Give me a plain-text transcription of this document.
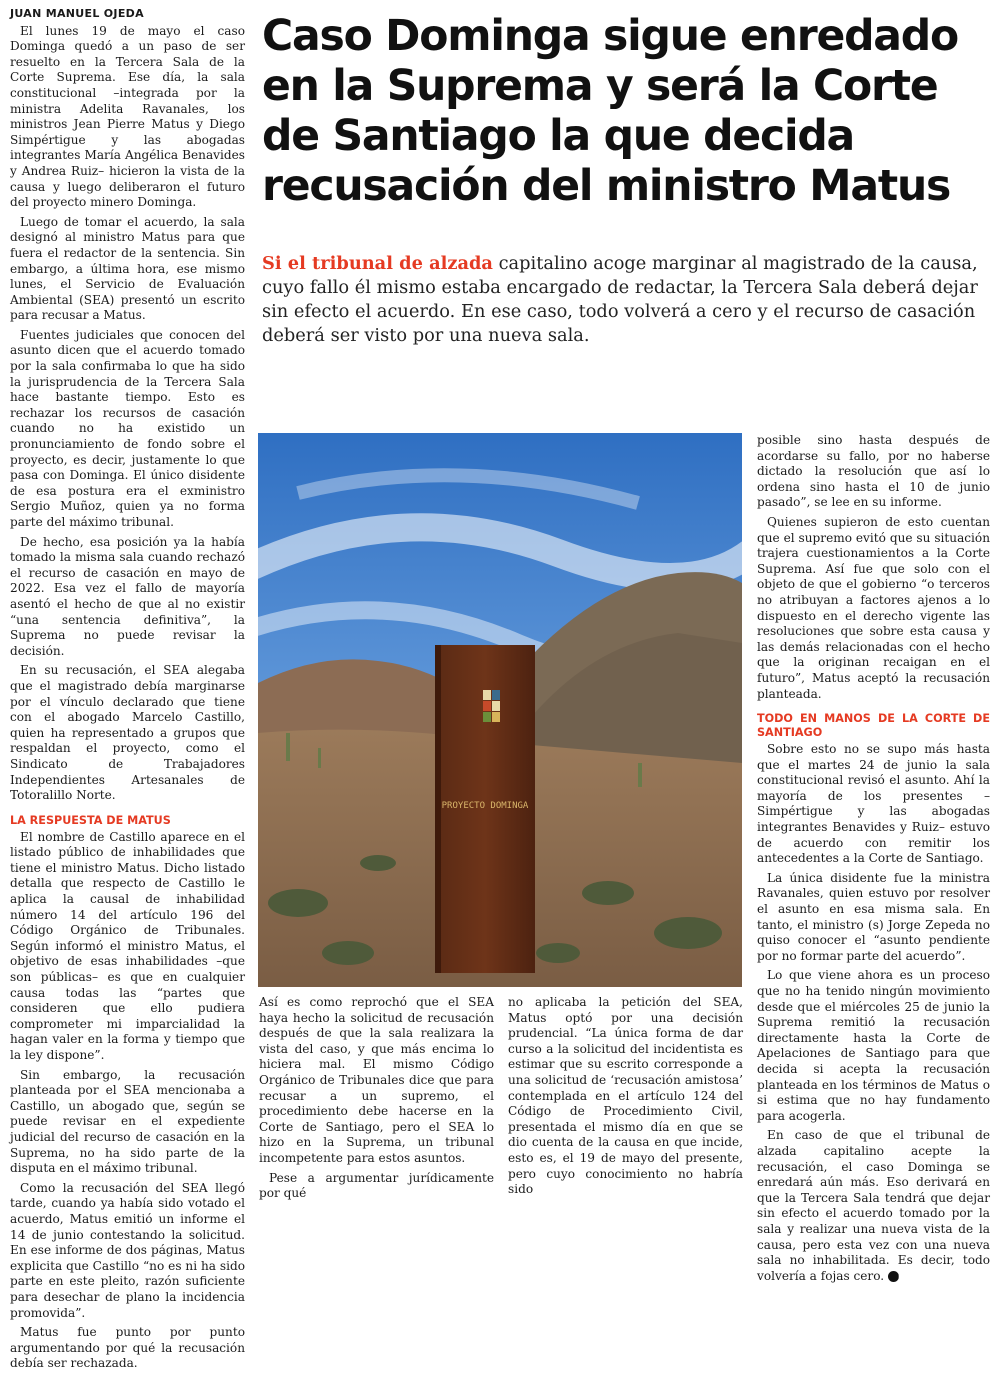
JUAN MANUEL OJEDA

El lunes 19 de mayo el caso Dominga quedó a un paso de ser resuelto en la Tercera Sala de la Corte Suprema. Ese día, la sala constitucional –integrada por la ministra Adelita Ravanales, los ministros Jean Pierre Matus y Diego Simpértigue y las abogadas integrantes María Angélica Benavides y Andrea Ruiz– hicieron la vista de la causa y luego deliberaron el futuro del proyecto minero Dominga.

Luego de tomar el acuerdo, la sala designó al ministro Matus para que fuera el redactor de la sentencia. Sin embargo, a última hora, ese mismo lunes, el Servicio de Evaluación Ambiental (SEA) presentó un escrito para recusar a Matus.

Fuentes judiciales que conocen del asunto dicen que el acuerdo tomado por la sala confirmaba lo que ha sido la jurisprudencia de la Tercera Sala hace bastante tiempo. Esto es rechazar los recursos de casación cuando no ha existido un pronunciamiento de fondo sobre el proyecto, es decir, justamente lo que pasa con Dominga. El único disidente de esa postura era el exministro Sergio Muñoz, quien ya no forma parte del máximo tribunal.

De hecho, esa posición ya la había tomado la misma sala cuando rechazó el recurso de casación en mayo de 2022. Esa vez el fallo de mayoría asentó el hecho de que al no existir “una sentencia definitiva”, la Suprema no puede revisar la decisión.

En su recusación, el SEA alegaba que el magistrado debía marginarse por el vínculo declarado que tiene con el abogado Marcelo Castillo, quien ha representado a grupos que respaldan el proyecto, como el Sindicato de Trabajadores Independientes Artesanales de Totoralillo Norte.

LA RESPUESTA DE MATUS

El nombre de Castillo aparece en el listado público de inhabilidades que tiene el ministro Matus. Dicho listado detalla que respecto de Castillo le aplica la causal de inhabilidad número 14 del artículo 196 del Código Orgánico de Tribunales. Según informó el ministro Matus, el objetivo de esas inhabilidades –que son públicas– es que en cualquier causa todas las “partes que consideren que ello pudiera comprometer mi imparcialidad la hagan valer en la forma y tiempo que la ley dispone”.

Sin embargo, la recusación planteada por el SEA mencionaba a Castillo, un abogado que, según se puede revisar en el expediente judicial del recurso de casación en la Suprema, no ha sido parte de la disputa en el máximo tribunal.

Como la recusación del SEA llegó tarde, cuando ya había sido votado el acuerdo, Matus emitió un informe el 14 de junio contestando la solicitud. En ese informe de dos páginas, Matus explicita que Castillo “no es ni ha sido parte en este pleito, razón suficiente para desechar de plano la incidencia promovida”.

Matus fue punto por punto argumentando por qué la recusación debía ser rechazada.

Caso Dominga sigue enredado en la Suprema y será la Corte de Santiago la que decida recusación del ministro Matus

Si el tribunal de alzada capitalino acoge marginar al magistrado de la causa, cuyo fallo él mismo estaba encargado de redactar, la Tercera Sala deberá dejar sin efecto el acuerdo. En ese caso, todo volverá a cero y el recurso de casación deberá ser visto por una nueva sala.

PROYECTO DOMINGA

Así es como reprochó que el SEA haya hecho la solicitud de recusación después de que la sala realizara la vista del caso, y que más encima lo hiciera mal. El mismo Código Orgánico de Tribunales dice que para recusar a un supremo, el procedimiento debe hacerse en la Corte de Santiago, pero el SEA lo hizo en la Suprema, un tribunal incompetente para estos asuntos.

Pese a argumentar jurídicamente por qué

no aplicaba la petición del SEA, Matus optó por una decisión prudencial. “La única forma de dar curso a la solicitud del incidentista es estimar que su escrito corresponde a una solicitud de ‘recusación amistosa’ contemplada en el artículo 124 del Código de Procedimiento Civil, presentada el mismo día en que se dio cuenta de la causa en que incide, esto es, el 19 de mayo del presente, pero cuyo conocimiento no habría sido

posible sino hasta después de acordarse su fallo, por no haberse dictado la resolución que así lo ordena sino hasta el 10 de junio pasado”, se lee en su informe.

Quienes supieron de esto cuentan que el supremo evitó que su situación trajera cuestionamientos a la Corte Suprema. Así fue que solo con el objeto de que el gobierno “o terceros no atribuyan a factores ajenos a lo dispuesto en el derecho vigente las resoluciones que sobre esta causa y las demás relacionadas con el hecho que la originan recaigan en el futuro”, Matus aceptó la recusación planteada.

TODO EN MANOS DE LA CORTE DE SANTIAGO

Sobre esto no se supo más hasta que el martes 24 de junio la sala constitucional revisó el asunto. Ahí la mayoría de los presentes –Simpértigue y las abogadas integrantes Benavides y Ruiz– estuvo de acuerdo con remitir los antecedentes a la Corte de Santiago.

La única disidente fue la ministra Ravanales, quien estuvo por resolver el asunto en esa misma sala. En tanto, el ministro (s) Jorge Zepeda no quiso conocer el “asunto pendiente por no formar parte del acuerdo”.

Lo que viene ahora es un proceso que no ha tenido ningún movimiento desde que el miércoles 25 de junio la Suprema remitió la recusación directamente hasta la Corte de Apelaciones de Santiago para que decida si acepta la recusación planteada en los términos de Matus o si estima que no hay fundamento para acogerla.

En caso de que el tribunal de alzada capitalino acepte la recusación, el caso Dominga se enredará aún más. Eso derivará en que la Tercera Sala tendrá que dejar sin efecto el acuerdo tomado por la sala y realizar una nueva vista de la causa, pero esta vez con una nueva sala no inhabilitada. Es decir, todo volvería a fojas cero. P
